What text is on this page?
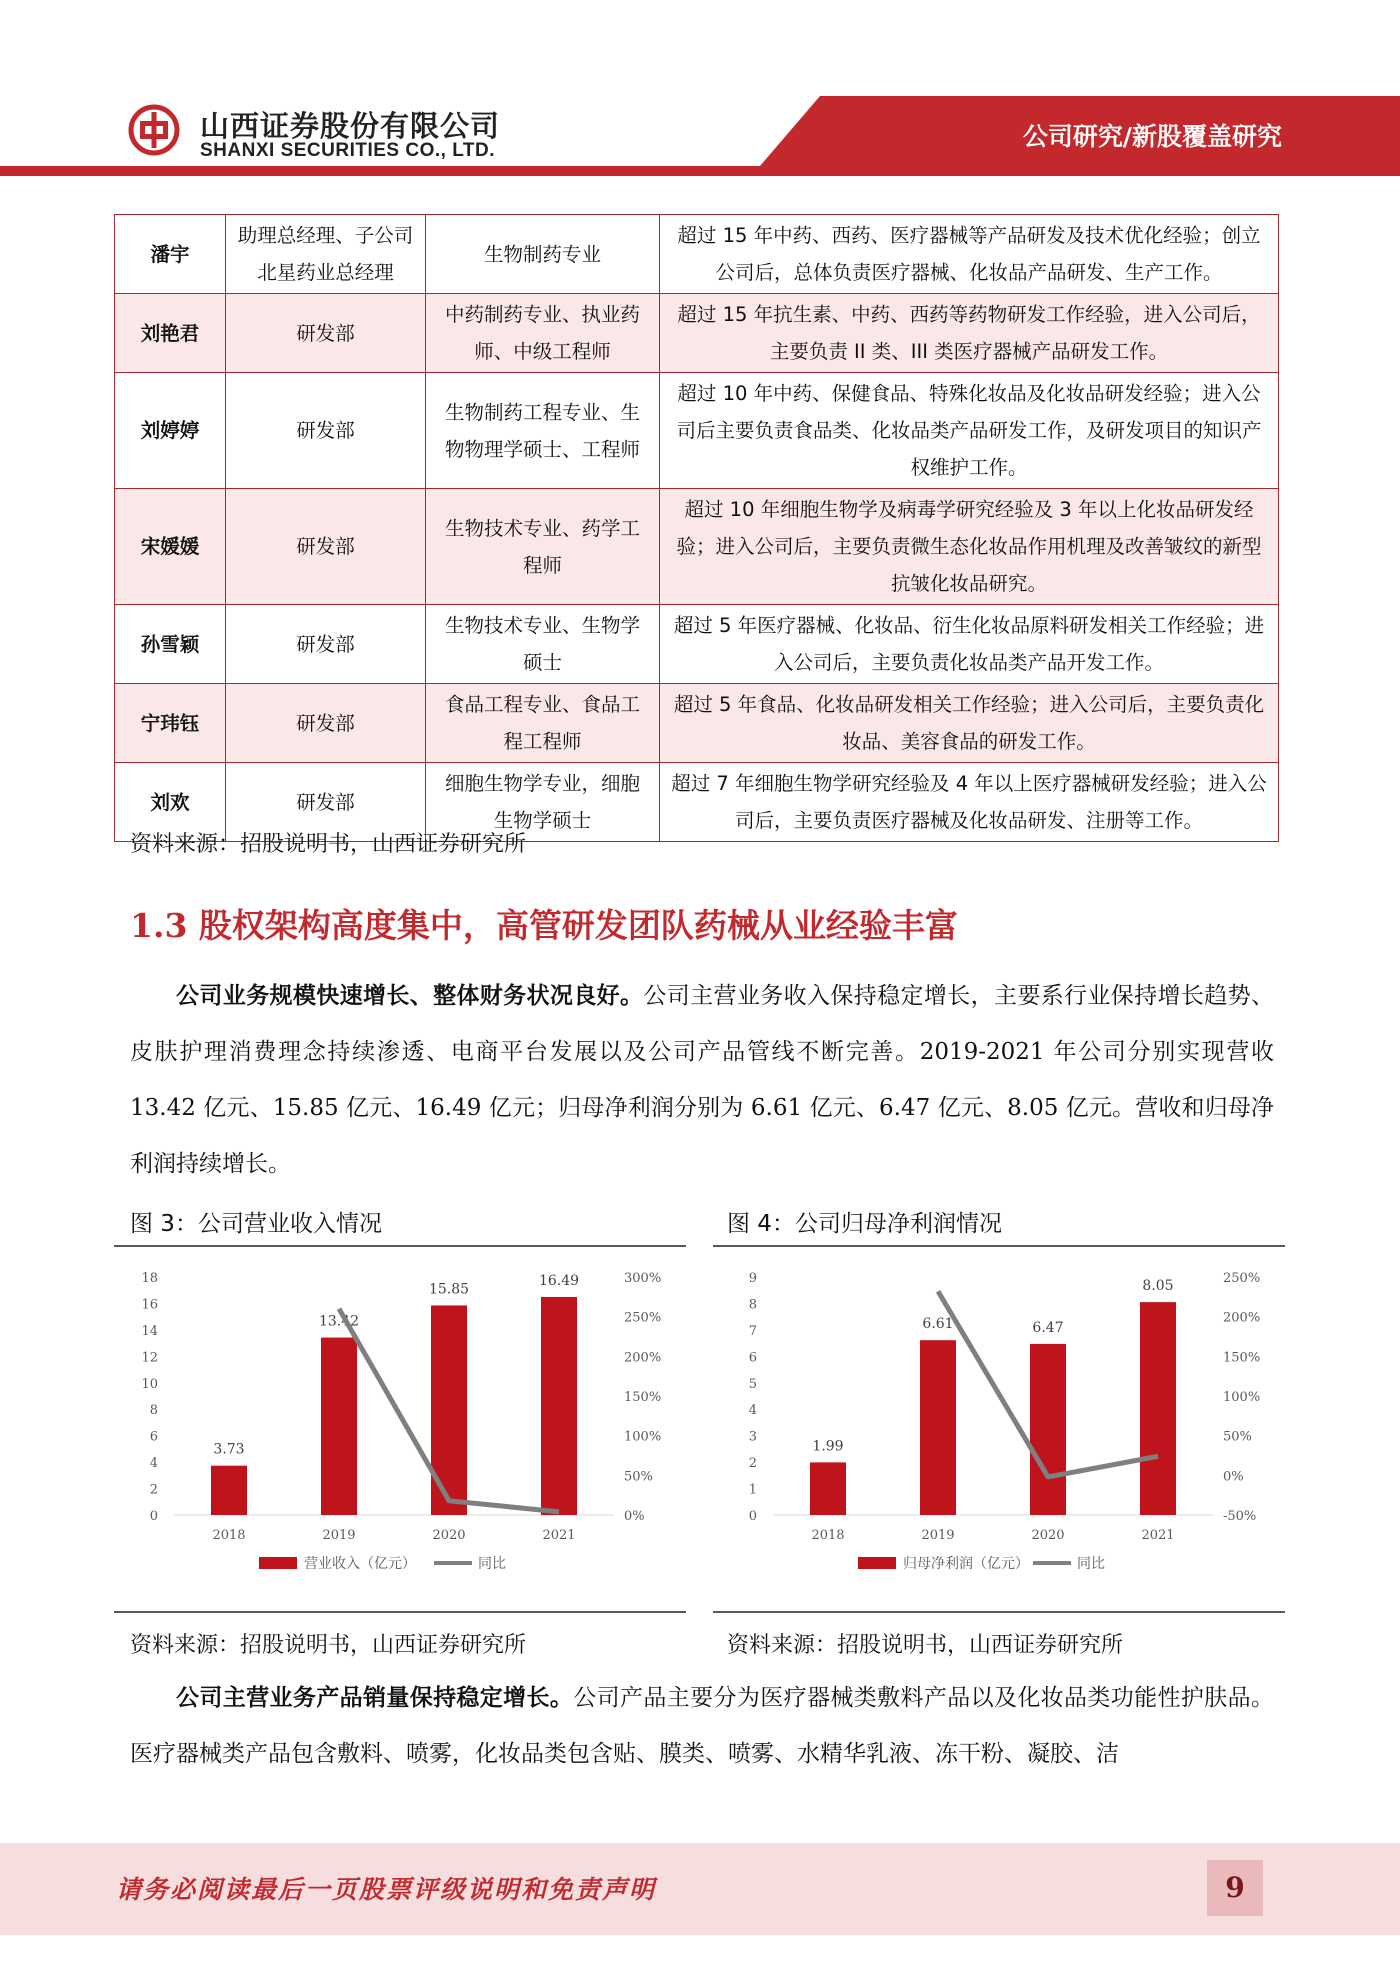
山西证券股份有限公司
SHANXI SECURITIES CO., LTD.	公司研究/新股覆盖研究
潘宇	助理总经理、子公司北星药业总经理	生物制药专业	超过 15 年中药、西药、医疗器械等产品研发及技术优化经验；创立公司后，总体负责医疗器械、化妆品产品研发、生产工作。
刘艳君	研发部	中药制药专业、执业药师、中级工程师	超过 15 年抗生素、中药、西药等药物研发工作经验，进入公司后，主要负责 II 类、III 类医疗器械产品研发工作。
刘婷婷	研发部	生物制药工程专业、生物物理学硕士、工程师	超过 10 年中药、保健食品、特殊化妆品及化妆品研发经验；进入公司后主要负责食品类、化妆品类产品研发工作，及研发项目的知识产权维护工作。
宋媛媛	研发部	生物技术专业、药学工程师	超过 10 年细胞生物学及病毒学研究经验及 3 年以上化妆品研发经验；进入公司后，主要负责微生态化妆品作用机理及改善皱纹的新型抗皱化妆品研究。
孙雪颖	研发部	生物技术专业、生物学硕士	超过 5 年医疗器械、化妆品、衍生化妆品原料研发相关工作经验；进入公司后，主要负责化妆品类产品开发工作。
宁玮钰	研发部	食品工程专业、食品工程工程师	超过 5 年食品、化妆品研发相关工作经验；进入公司后，主要负责化妆品、美容食品的研发工作。
刘欢	研发部	细胞生物学专业，细胞生物学硕士	超过 7 年细胞生物学研究经验及 4 年以上医疗器械研发经验；进入公司后，主要负责医疗器械及化妆品研发、注册等工作。
资料来源：招股说明书，山西证券研究所
1.3 股权架构高度集中，高管研发团队药械从业经验丰富
公司业务规模快速增长、整体财务状况良好。公司主营业务收入保持稳定增长，主要系行业保持增长趋势、皮肤护理消费理念持续渗透、电商平台发展以及公司产品管线不断完善。2019-2021 年公司分别实现营收 13.42 亿元、15.85 亿元、16.49 亿元；归母净利润分别为 6.61 亿元、6.47 亿元、8.05 亿元。营收和归母净利润持续增长。
图 3：公司营业收入情况
0
2
4
6
8
10
12
14
16
18
0%
50%
100%
150%
200%
250%
300%
3.73
2018
13.42
2019
15.85
2020
16.49
2021
营业收入（亿元）	同比
资料来源：招股说明书，山西证券研究所
图 4：公司归母净利润情况
0
1
2
3
4
5
6
7
8
9
-50%
0%
50%
100%
150%
200%
250%
1.99
2018
6.61
2019
6.47
2020
8.05
2021
归母净利润（亿元）	同比
资料来源：招股说明书，山西证券研究所
公司主营业务产品销量保持稳定增长。公司产品主要分为医疗器械类敷料产品以及化妆品类功能性护肤品。医疗器械类产品包含敷料、喷雾，化妆品类包含贴、膜类、喷雾、水精华乳液、冻干粉、凝胶、洁
请务必阅读最后一页股票评级说明和免责声明	9
